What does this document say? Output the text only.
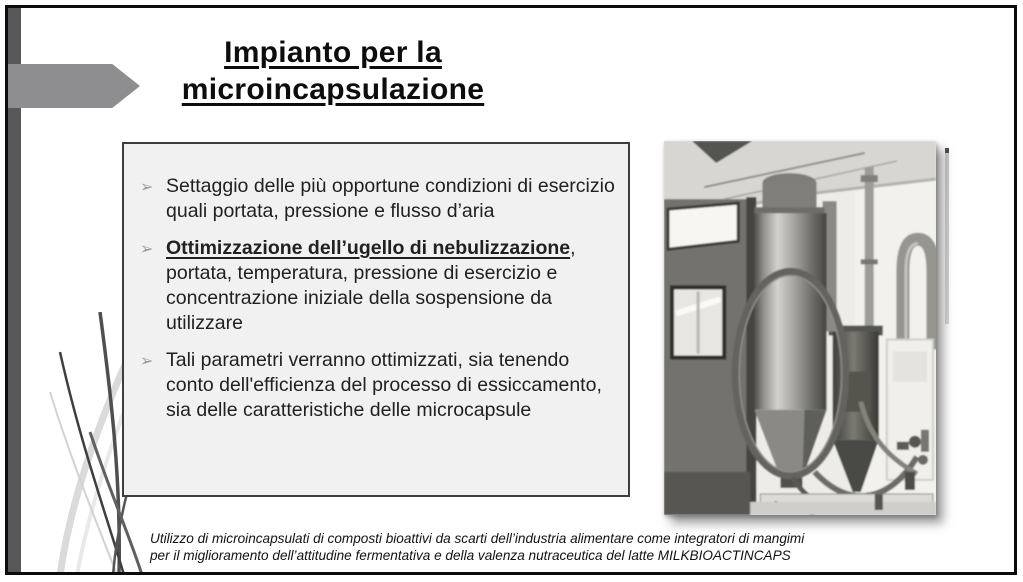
Impianto per la
microincapsulazione
➢ Settaggio delle più opportune condizioni di esercizio quali portata, pressione e flusso d’aria

➢ Ottimizzazione dell’ugello di nebulizzazione, portata, temperatura, pressione di esercizio e concentrazione iniziale della sospensione da utilizzare

➢ Tali parametri verranno ottimizzati, sia tenendo conto dell'efficienza del processo di essiccamento, sia delle caratteristiche delle microcapsule

Utilizzo di microincapsulati di composti bioattivi da scarti dell’industria alimentare come integratori di mangimi
per il miglioramento dell’attitudine fermentativa e della valenza nutraceutica del latte MILKBIOACTINCAPS
